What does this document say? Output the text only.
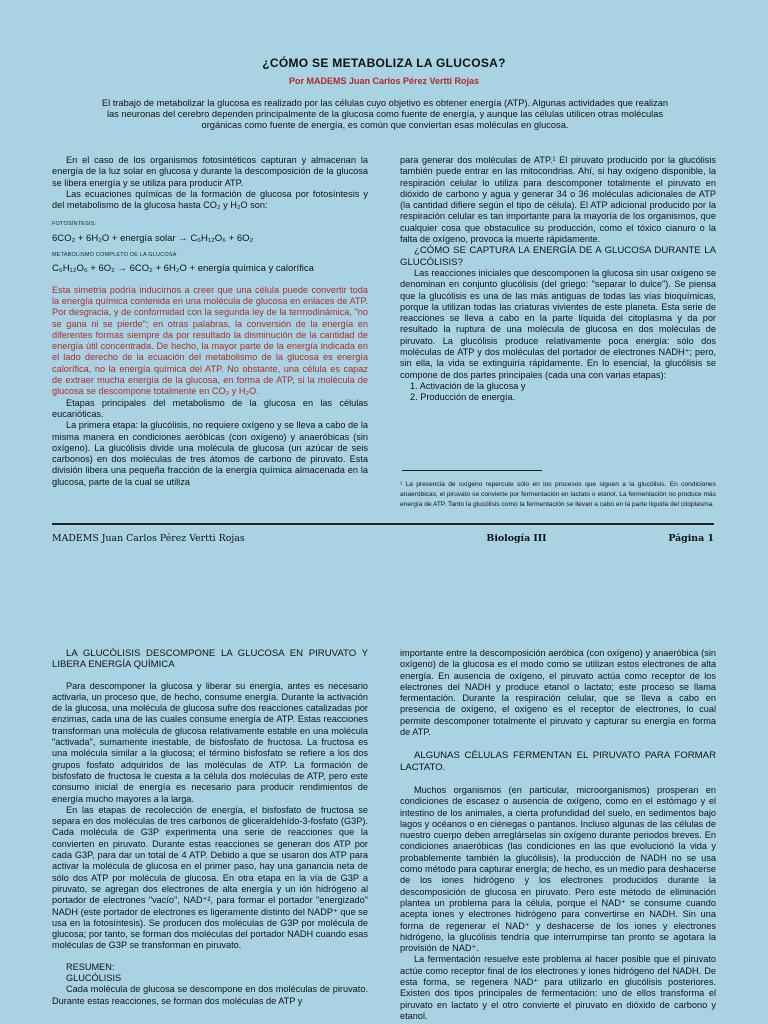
¿CÓMO SE METABOLIZA LA GLUCOSA?
Por MADEMS Juan Carlos Pérez Vertti Rojas
El trabajo de metabolizar la glucosa es realizado por las células cuyo objetivo es obtener energía (ATP). Algunas actividades que realizan las neuronas del cerebro dependen principalmente de la glucosa como fuente de energía, y aunque las células utilicen otras moléculas orgánicas como fuente de energía, es común que conviertan esas moléculas en glucosa.

En el caso de los organismos fotosintéticos capturan y almacenan la energía de la luz solar en glucosa y durante la descomposición de la glucosa se libera energía y se utiliza para producir ATP.

Las ecuaciones químicas de la formación de glucosa por fotosíntesis y del metabolismo de la glucosa hasta CO₂ y H₂O son:

FOTOSÍNTESIS:
6CO₂ + 6H₂O + energía solar → C₆H₁₂O₆ + 6O₂
METABOLISMO COMPLETO DE LA GLUCOSA
C₆H₁₂O₆ + 6O₂ → 6CO₂ + 6H₂O + energía química y calorífica

Esta simetría podría inducirnos a creer que una célula puede convertir toda la energía química contenida en una molécula de glucosa en enlaces de ATP. Por desgracia, y de conformidad con la segunda ley de la termodinámica, "no se gana ni se pierde"; en otras palabras, la conversión de la energía en diferentes formas siempre da por resultado la disminución de la cantidad de energía útil concentrada. De hecho, la mayor parte de la energía indicada en el lado derecho de la ecuación del metabolismo de la glucosa es energía calorífica, no la energía química del ATP. No obstante, una célula es capaz de extraer mucha energía de la glucosa, en forma de ATP, si la molécula de glucosa se descompone totalmente en CO₂ y H₂O.

Etapas principales del metabolismo de la glucosa en las células eucarióticas.

La primera etapa: la glucólisis, no requiere oxígeno y se lleva a cabo de la misma manera en condiciones aeróbicas (con oxígeno) y anaeróbicas (sin oxígeno). La glucólisis divide una molécula de glucosa (un azúcar de seis carbonos) en dos moléculas de tres átomos de carbono de piruvato. Esta división libera una pequeña fracción de la energía química almacenada en la glucosa, parte de la cual se utiliza

para generar dos moléculas de ATP.¹ El piruvato producido por la glucólisis también puede entrar en las mitocondrias. Ahí, si hay oxígeno disponible, la respiración celular lo utiliza para descomponer totalmente el piruvato en dióxido de carbono y agua y generar 34 o 36 moléculas adicionales de ATP (la cantidad difiere según el tipo de célula). El ATP adicional producido por la respiración celular es tan importante para la mayoría de los organismos, que cualquier cosa que obstaculice su producción, como el tóxico cianuro o la falta de oxígeno, provoca la muerte rápidamente.

¿CÓMO SE CAPTURA LA ENERGÍA DE A GLUCOSA DURANTE LA GLUCÓLISIS?

Las reacciones iniciales que descomponen la glucosa sin usar oxígeno se denominan en conjunto glucólisis (del griego: "separar lo dulce"). Se piensa que la glucólisis es una de las más antiguas de todas las vías bioquímicas, porque la utilizan todas las criaturas vivientes de este planeta. Esta serie de reacciones se lleva a cabo en la parte líquida del citoplasma y da por resultado la ruptura de una molécula de glucosa en dos moléculas de piruvato. La glucólisis produce relativamente poca energía: sólo dos moléculas de ATP y dos moléculas del portador de electrones NADH⁺; pero, sin ella, la vida se extinguiría rápidamente. En lo esencial, la glucólisis se compone de dos partes principales (cada una con varias etapas):

1. Activación de la glucosa y
2. Producción de energía.
¹ La presencia de oxígeno repercute sólo en los procesos que siguen a la glucólisis. En condiciones anaeróbicas, el piruvato se convierte por fermentación en lactato o etanol. La fermentación no produce más energía de ATP. Tanto la glucólisis como la fermentación se llevan a cabo en la parte líquida del citoplasma.
MADEMS Juan Carlos Pérez Vertti Rojas	Biología III	Página 1

LA GLUCÓLISIS DESCOMPONE LA GLUCOSA EN PIRUVATO Y LIBERA ENERGÍA QUÍMICA

Para descomponer la glucosa y liberar su energía, antes es necesario activarla, un proceso que, de hecho, consume energía. Durante la activación de la glucosa, una molécula de glucosa sufre dos reacciones catalizadas por enzimas, cada una de las cuales consume energía de ATP. Estas reacciones transforman una molécula de glucosa relativamente estable en una molécula "activada", sumamente inestable, de bisfosfato de fructosa. La fructosa es una molécula similar a la glucosa; el término bisfosfato se refiere a los dos grupos fosfato adquiridos de las moléculas de ATP. La formación de bisfosfato de fructosa le cuesta a la célula dos moléculas de ATP, pero este consumo inicial de energía es necesario para producir rendimientos de energía mucho mayores a la larga.

En las etapas de recolección de energía, el bisfosfato de fructosa se separa en dos moléculas de tres carbonos de gliceraldehído-3-fosfato (G3P). Cada molécula de G3P experimenta una serie de reacciones que la convierten en piruvato. Durante estas reacciones se generan dos ATP por cada G3P, para dar un total de 4 ATP. Debido a que se usaron dos ATP para activar la molécula de glucosa en el primer paso, hay una ganancia neta de sólo dos ATP por molécula de glucosa. En otra etapa en la vía de G3P a piruvato, se agregan dos electrones de alta energía y un ión hidrógeno al portador de electrones "vacío", NAD⁺², para formar el portador "energizado" NADH (este portador de electrones es ligeramente distinto del NADP⁺ que se usa en la fotosíntesis). Se producen dos moléculas de G3P por molécula de glucosa; por tanto, se forman dos moléculas del portador NADH cuando esas moléculas de G3P se transforman en piruvato.

RESUMEN:

GLUCÓLISIS

Cada molécula de glucosa se descompone en dos moléculas de piruvato. Durante estas reacciones, se forman dos moléculas de ATP y

importante entre la descomposición aeróbica (con oxígeno) y anaeróbica (sin oxígeno) de la glucosa es el modo como se utilizan estos electrones de alta energía. En ausencia de oxígeno, el piruvato actúa como receptor de los electrones del NADH y produce etanol o lactato; este proceso se llama fermentación. Durante la respiración celular, que se lleva a cabo en presencia de oxígeno, el oxígeno es el receptor de electrones, lo cual permite descomponer totalmente el piruvato y capturar su energía en forma de ATP.

ALGUNAS CÉLULAS FERMENTAN EL PIRUVATO PARA FORMAR LACTATO.

Muchos organismos (en particular, microorganismos) prosperan en condiciones de escasez o ausencia de oxígeno, como en el estómago y el intestino de los animales, a cierta profundidad del suelo, en sedimentos bajo lagos y océanos o en ciénegas o pantanos. Incluso algunas de las células de nuestro cuerpo deben arreglárselas sin oxígeno durante periodos breves. En condiciones anaeróbicas (las condiciones en las que evolucionó la vida y probablemente también la glucólisis), la producción de NADH no se usa como método para capturar energía; de hecho, es un medio para deshacerse de los iones hidrógeno y los electrones producidos durante la descomposición de glucosa en piruvato. Pero este método de eliminación plantea un problema para la célula, porque el NAD⁺ se consume cuando acepta iones y electrones hidrógeno para convertirse en NADH. Sin una forma de regenerar el NAD⁺ y deshacerse de los iones y electrones hidrógeno, la glucólisis tendría que interrumpirse tan pronto se agotara la provisión de NAD⁺.

La fermentación resuelve este problema al hacer posible que el piruvato actúe como receptor final de los electrones y iones hidrógeno del NADH. De esta forma, se regenera NAD⁺ para utilizarlo en glucólisis posteriores. Existen dos tipos principales de fermentación: uno de ellos transforma el piruvato en lactato y el otro convierte el piruvato en dióxido de carbono y etanol.
